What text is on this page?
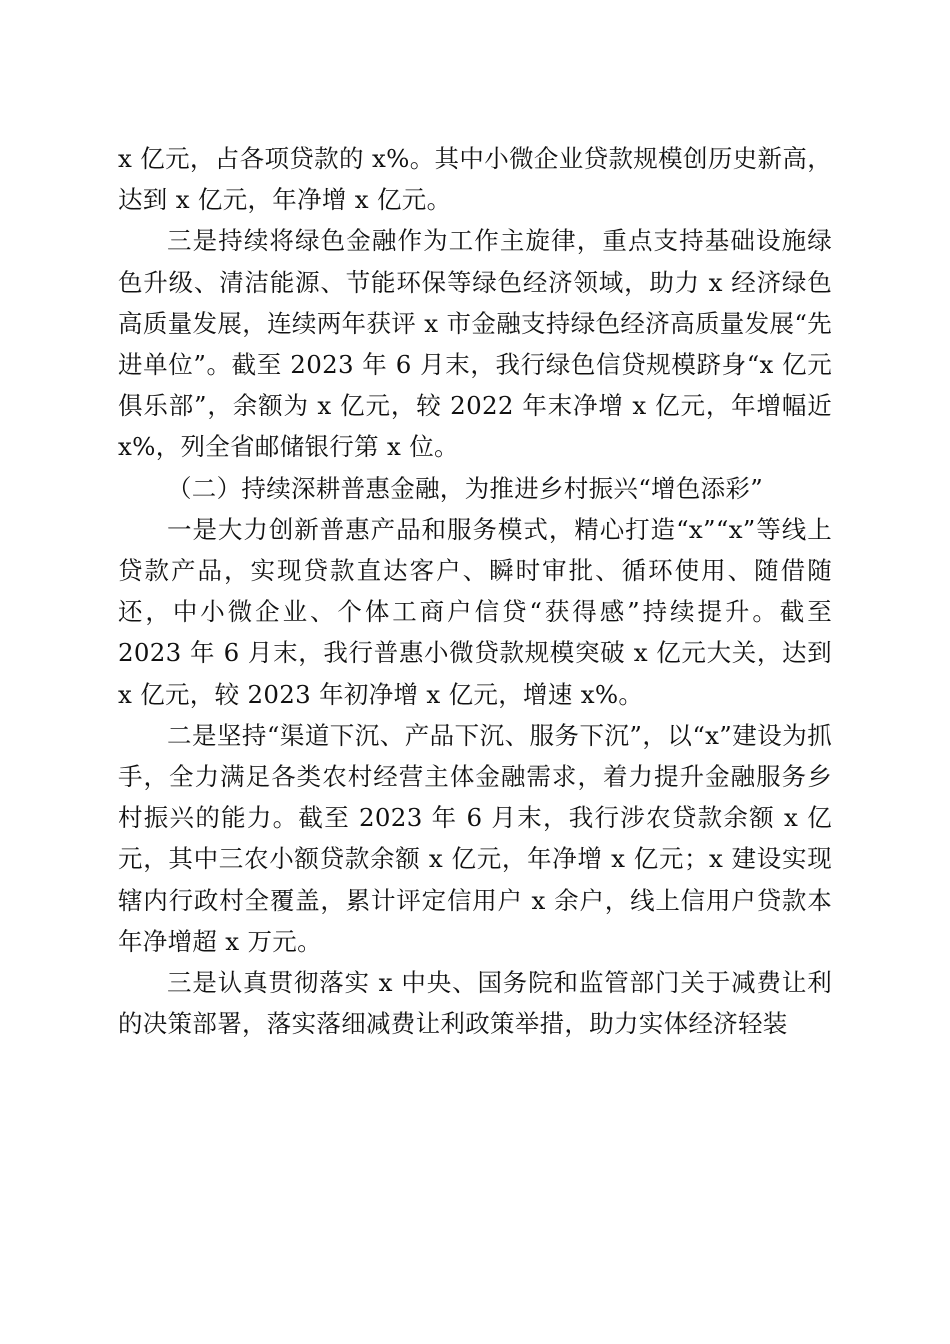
x 亿元，占各项贷款的 x%。其中小微企业贷款规模创历史新高，达到 x 亿元，年净增 x 亿元。

三是持续将绿色金融作为工作主旋律，重点支持基础设施绿色升级、清洁能源、节能环保等绿色经济领域，助力 x 经济绿色高质量发展，连续两年获评 x 市金融支持绿色经济高质量发展“先进单位”。截至 2023 年 6 月末，我行绿色信贷规模跻身“x 亿元俱乐部”，余额为 x 亿元，较 2022 年末净增 x 亿元，年增幅近 x%，列全省邮储银行第 x 位。

（二）持续深耕普惠金融，为推进乡村振兴“增色添彩”

一是大力创新普惠产品和服务模式，精心打造“x”“x”等线上贷款产品，实现贷款直达客户、瞬时审批、循环使用、随借随还，中小微企业、个体工商户信贷“获得感”持续提升。截至 2023 年 6 月末，我行普惠小微贷款规模突破 x 亿元大关，达到 x 亿元，较 2023 年初净增 x 亿元，增速 x%。

二是坚持“渠道下沉、产品下沉、服务下沉”，以“x”建设为抓手，全力满足各类农村经营主体金融需求，着力提升金融服务乡村振兴的能力。截至 2023 年 6 月末，我行涉农贷款余额 x 亿元，其中三农小额贷款余额 x 亿元，年净增 x 亿元；x 建设实现辖内行政村全覆盖，累计评定信用户 x 余户，线上信用户贷款本年净增超 x 万元。

三是认真贯彻落实 x 中央、国务院和监管部门关于减费让利的决策部署，落实落细减费让利政策举措，助力实体经济轻装
